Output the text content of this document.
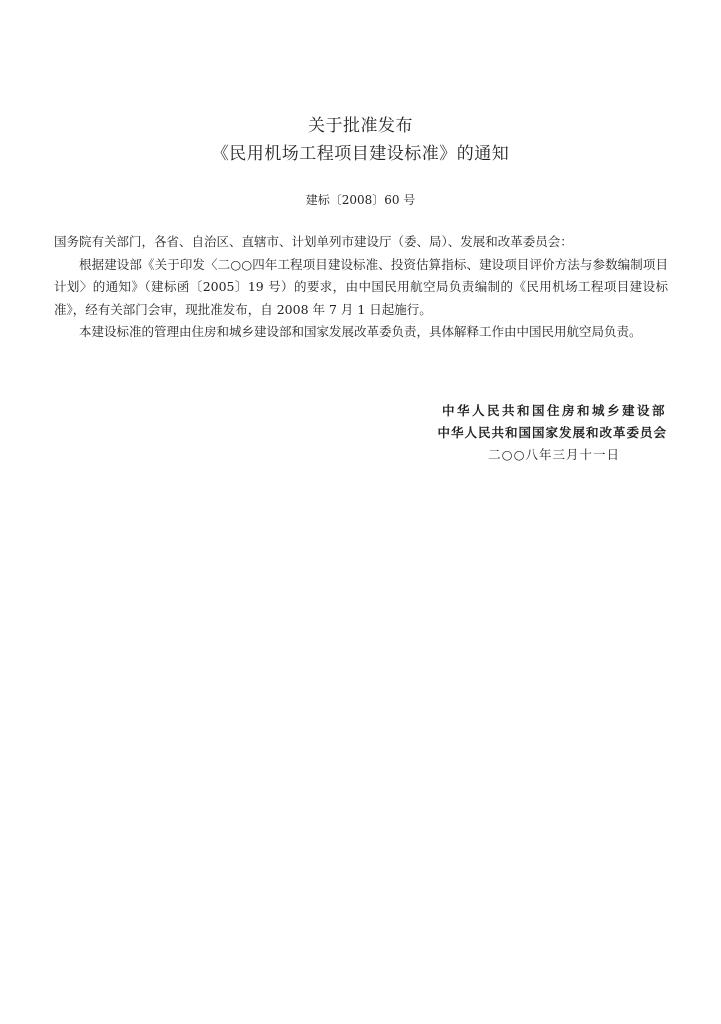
关于批准发布
《民用机场工程项目建设标准》的通知
建标〔2008〕60 号

国务院有关部门，各省、自治区、直辖市、计划单列市建设厅（委、局）、发展和改革委员会：

根据建设部《关于印发〈二○○四年工程项目建设标准、投资估算指标、建设项目评价方法与参数编制项目计划〉的通知》（建标函〔2005〕19 号）的要求，由中国民用航空局负责编制的《民用机场工程项目建设标准》，经有关部门会审，现批准发布，自 2008 年 7 月 1 日起施行。

本建设标准的管理由住房和城乡建设部和国家发展改革委负责，具体解释工作由中国民用航空局负责。

中华人民共和国住房和城乡建设部
中华人民共和国国家发展和改革委员会
二○○八年三月十一日
